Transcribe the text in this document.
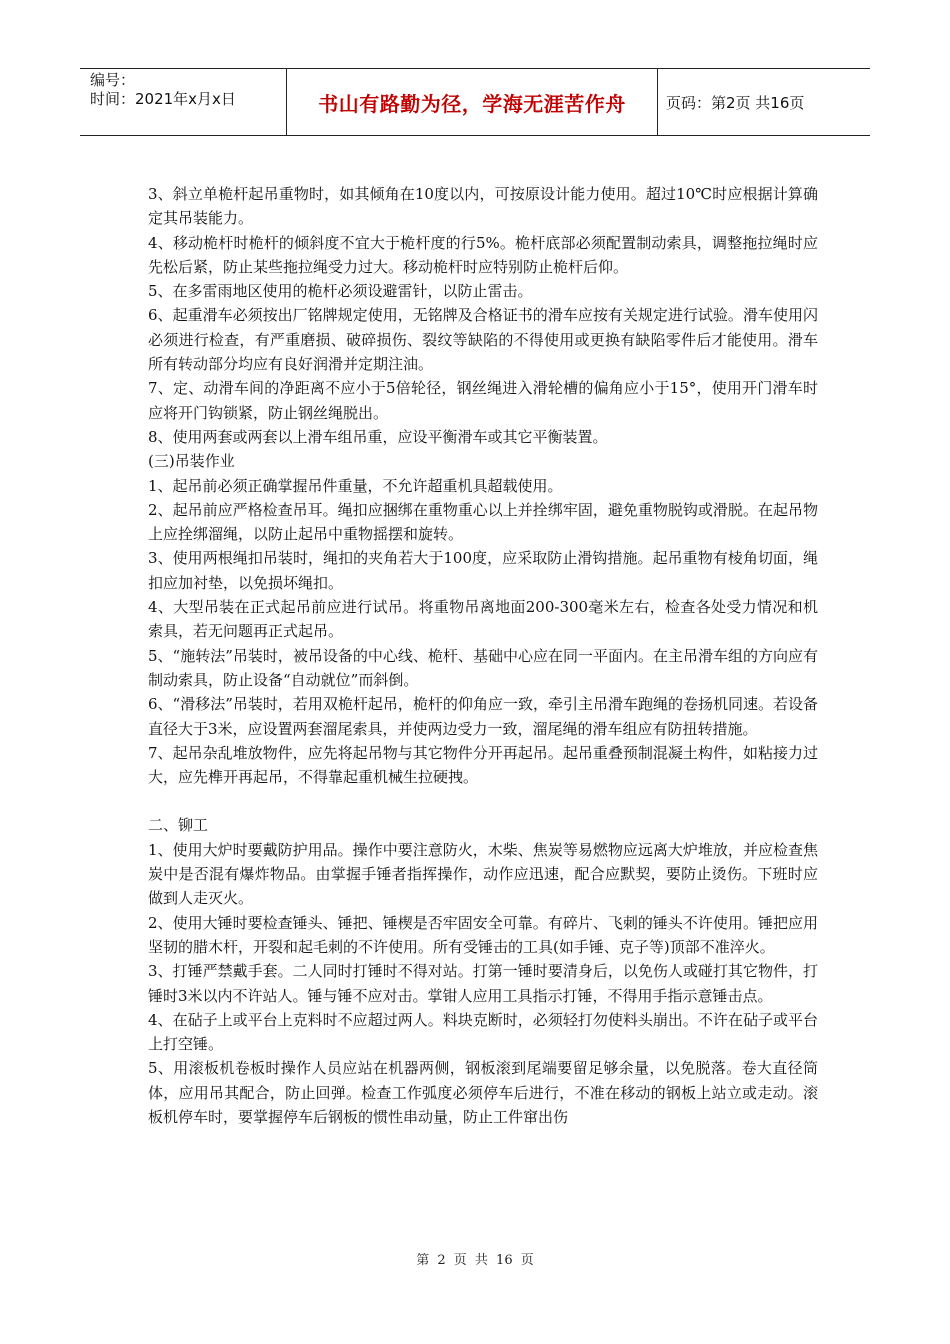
编号：
时间：2021年x月x日	书山有路勤为径，学海无涯苦作舟	页码：第2页 共16页

3、斜立单桅杆起吊重物时，如其倾角在10度以内，可按原设计能力使用。超过10℃时应根据计算确定其吊装能力。

4、移动桅杆时桅杆的倾斜度不宜大于桅杆度的行5%。桅杆底部必须配置制动索具，调整拖拉绳时应先松后紧，防止某些拖拉绳受力过大。移动桅杆时应特别防止桅杆后仰。

5、在多雷雨地区使用的桅杆必须设避雷针，以防止雷击。

6、起重滑车必须按出厂铭牌规定使用，无铭牌及合格证书的滑车应按有关规定进行试验。滑车使用闪必须进行检查，有严重磨损、破碎损伤、裂纹等缺陷的不得使用或更换有缺陷零件后才能使用。滑车所有转动部分均应有良好润滑并定期注油。

7、定、动滑车间的净距离不应小于5倍轮径，钢丝绳进入滑轮槽的偏角应小于15°，使用开门滑车时应将开门钩锁紧，防止钢丝绳脱出。

8、使用两套或两套以上滑车组吊重，应设平衡滑车或其它平衡装置。

(三)吊装作业

1、起吊前必须正确掌握吊件重量，不允许超重机具超载使用。

2、起吊前应严格检查吊耳。绳扣应捆绑在重物重心以上并拴绑牢固，避免重物脱钩或滑脱。在起吊物上应拴绑溜绳，以防止起吊中重物摇摆和旋转。

3、使用两根绳扣吊装时，绳扣的夹角若大于100度，应采取防止滑钩措施。起吊重物有棱角切面，绳扣应加衬垫，以免损坏绳扣。

4、大型吊装在正式起吊前应进行试吊。将重物吊离地面200-300毫米左右，检查各处受力情况和机索具，若无问题再正式起吊。

5、“施转法”吊装时，被吊设备的中心线、桅杆、基础中心应在同一平面内。在主吊滑车组的方向应有制动索具，防止设备“自动就位”而斜倒。

6、“滑移法”吊装时，若用双桅杆起吊，桅杆的仰角应一致，牵引主吊滑车跑绳的卷扬机同速。若设备直径大于3米，应设置两套溜尾索具，并使两边受力一致，溜尾绳的滑车组应有防扭转措施。

7、起吊杂乱堆放物件，应先将起吊物与其它物件分开再起吊。起吊重叠预制混凝土构件，如粘接力过大，应先榫开再起吊，不得靠起重机械生拉硬拽。

二、铆工

1、使用大炉时要戴防护用品。操作中要注意防火，木柴、焦炭等易燃物应远离大炉堆放，并应检查焦炭中是否混有爆炸物品。由掌握手锤者指挥操作，动作应迅速，配合应默契，要防止烫伤。下班时应做到人走灭火。

2、使用大锤时要检查锤头、锤把、锤楔是否牢固安全可靠。有碎片、飞刺的锤头不许使用。锤把应用坚韧的腊木杆，开裂和起毛刺的不许使用。所有受锤击的工具(如手锤、克子等)顶部不准淬火。

3、打锤严禁戴手套。二人同时打锤时不得对站。打第一锤时要清身后，以免伤人或碰打其它物件，打锤时3米以内不许站人。锤与锤不应对击。掌钳人应用工具指示打锤，不得用手指示意锤击点。

4、在砧子上或平台上克料时不应超过两人。料块克断时，必须轻打勿使料头崩出。不许在砧子或平台上打空锤。

5、用滚板机卷板时操作人员应站在机器两侧，钢板滚到尾端要留足够余量，以免脱落。卷大直径筒体，应用吊其配合，防止回弹。检查工作弧度必须停车后进行，不准在移动的钢板上站立或走动。滚板机停车时，要掌握停车后钢板的惯性串动量，防止工件窜出伤

第 2 页 共 16 页
